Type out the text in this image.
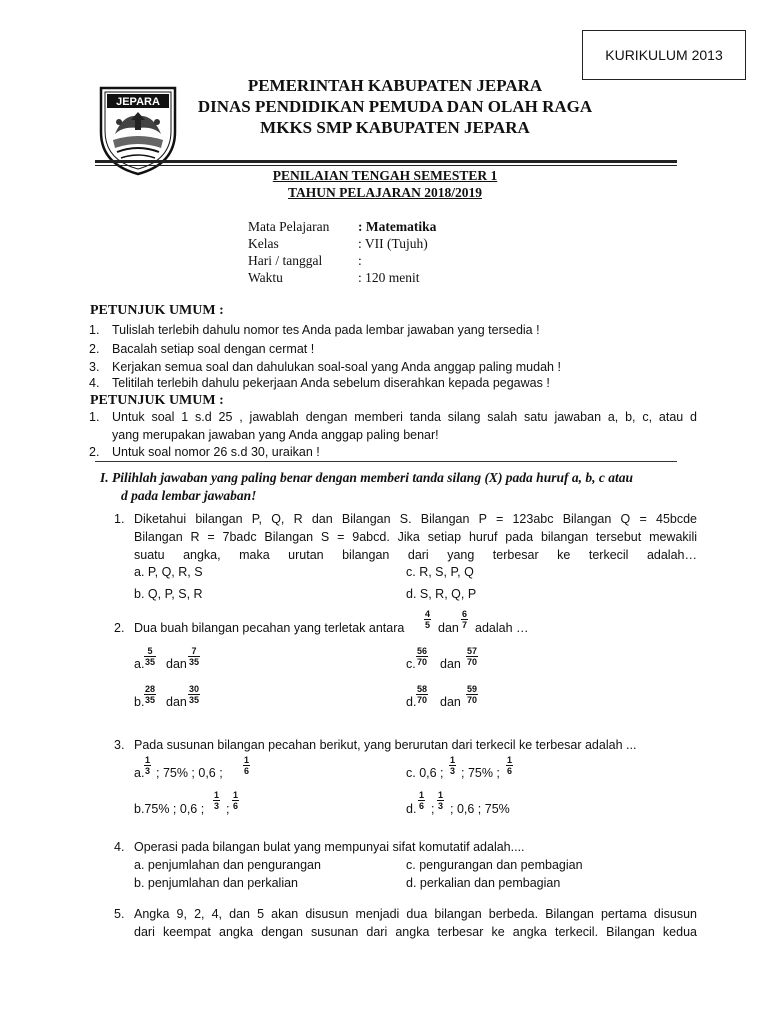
KURIKULUM 2013
JEPARA
PEMERINTAH KABUPATEN JEPARA
DINAS PENDIDIKAN PEMUDA DAN OLAH RAGA
MKKS SMP KABUPATEN JEPARA
PENILAIAN TENGAH SEMESTER 1
TAHUN PELAJARAN 2018/2019
Mata Pelajaran : Matematika
Kelas	: VII (Tujuh)
Hari / tanggal	:
Waktu	: 120 menit
PETUNJUK UMUM :
1. Tulislah terlebih dahulu nomor tes Anda pada lembar jawaban yang tersedia !
2. Bacalah setiap soal dengan cermat !
3. Kerjakan semua soal dan dahulukan soal-soal yang Anda anggap paling mudah !
4. Telitilah terlebih dahulu pekerjaan Anda sebelum diserahkan kepada pegawas !
PETUNJUK UMUM :
1. Untuk soal 1 s.d 25 , jawablah dengan memberi tanda silang salah satu jawaban a, b, c, atau d
yang merupakan jawaban yang Anda anggap paling benar!
2. Untuk soal nomor 26 s.d 30, uraikan !
I. Pilihlah jawaban yang paling benar dengan memberi tanda silang (X) pada huruf a, b, c atau
d pada lembar jawaban!
1. Diketahui bilangan P, Q, R dan Bilangan S. Bilangan P = 123abc Bilangan Q = 45bcde
Bilangan R = 7badc Bilangan S = 9abcd. Jika setiap huruf pada bilangan tersebut mewakili
suatu angka, maka urutan bilangan dari yang terbesar ke terkecil adalah…
a. P, Q, R, S	c. R, S, P, Q
b. Q, P, S, R	d. S, R, Q, P
2. Dua buah bilangan pecahan yang terletak antara $\frac{4}{5}$ dan $\frac{6}{7}$ adalah …
a. $\frac{5}{35}$ dan $\frac{7}{35}$	c. $\frac{56}{70}$ dan $\frac{57}{70}$
b. $\frac{28}{35}$ dan $\frac{30}{35}$	d. $\frac{58}{70}$ dan $\frac{59}{70}$
3. Pada susunan bilangan pecahan berikut, yang berurutan dari terkecil ke terbesar adalah ...
a. $\frac{1}{3}$ ; 75% ; 0,6 ; $\frac{1}{6}$	c. 0,6 ; $\frac{1}{3}$ ; 75% ; $\frac{1}{6}$
b.75% ; 0,6 ; $\frac{1}{3}$ ; $\frac{1}{6}$	d. $\frac{1}{6}$ ; $\frac{1}{3}$ ; 0,6 ; 75%
4. Operasi pada bilangan bulat yang mempunyai sifat komutatif adalah....
a. penjumlahan dan pengurangan	c. pengurangan dan pembagian
b. penjumlahan dan perkalian	d. perkalian dan pembagian
5. Angka 9, 2, 4, dan 5 akan disusun menjadi dua bilangan berbeda. Bilangan pertama disusun
dari keempat angka dengan susunan dari angka terbesar ke angka terkecil. Bilangan kedua
